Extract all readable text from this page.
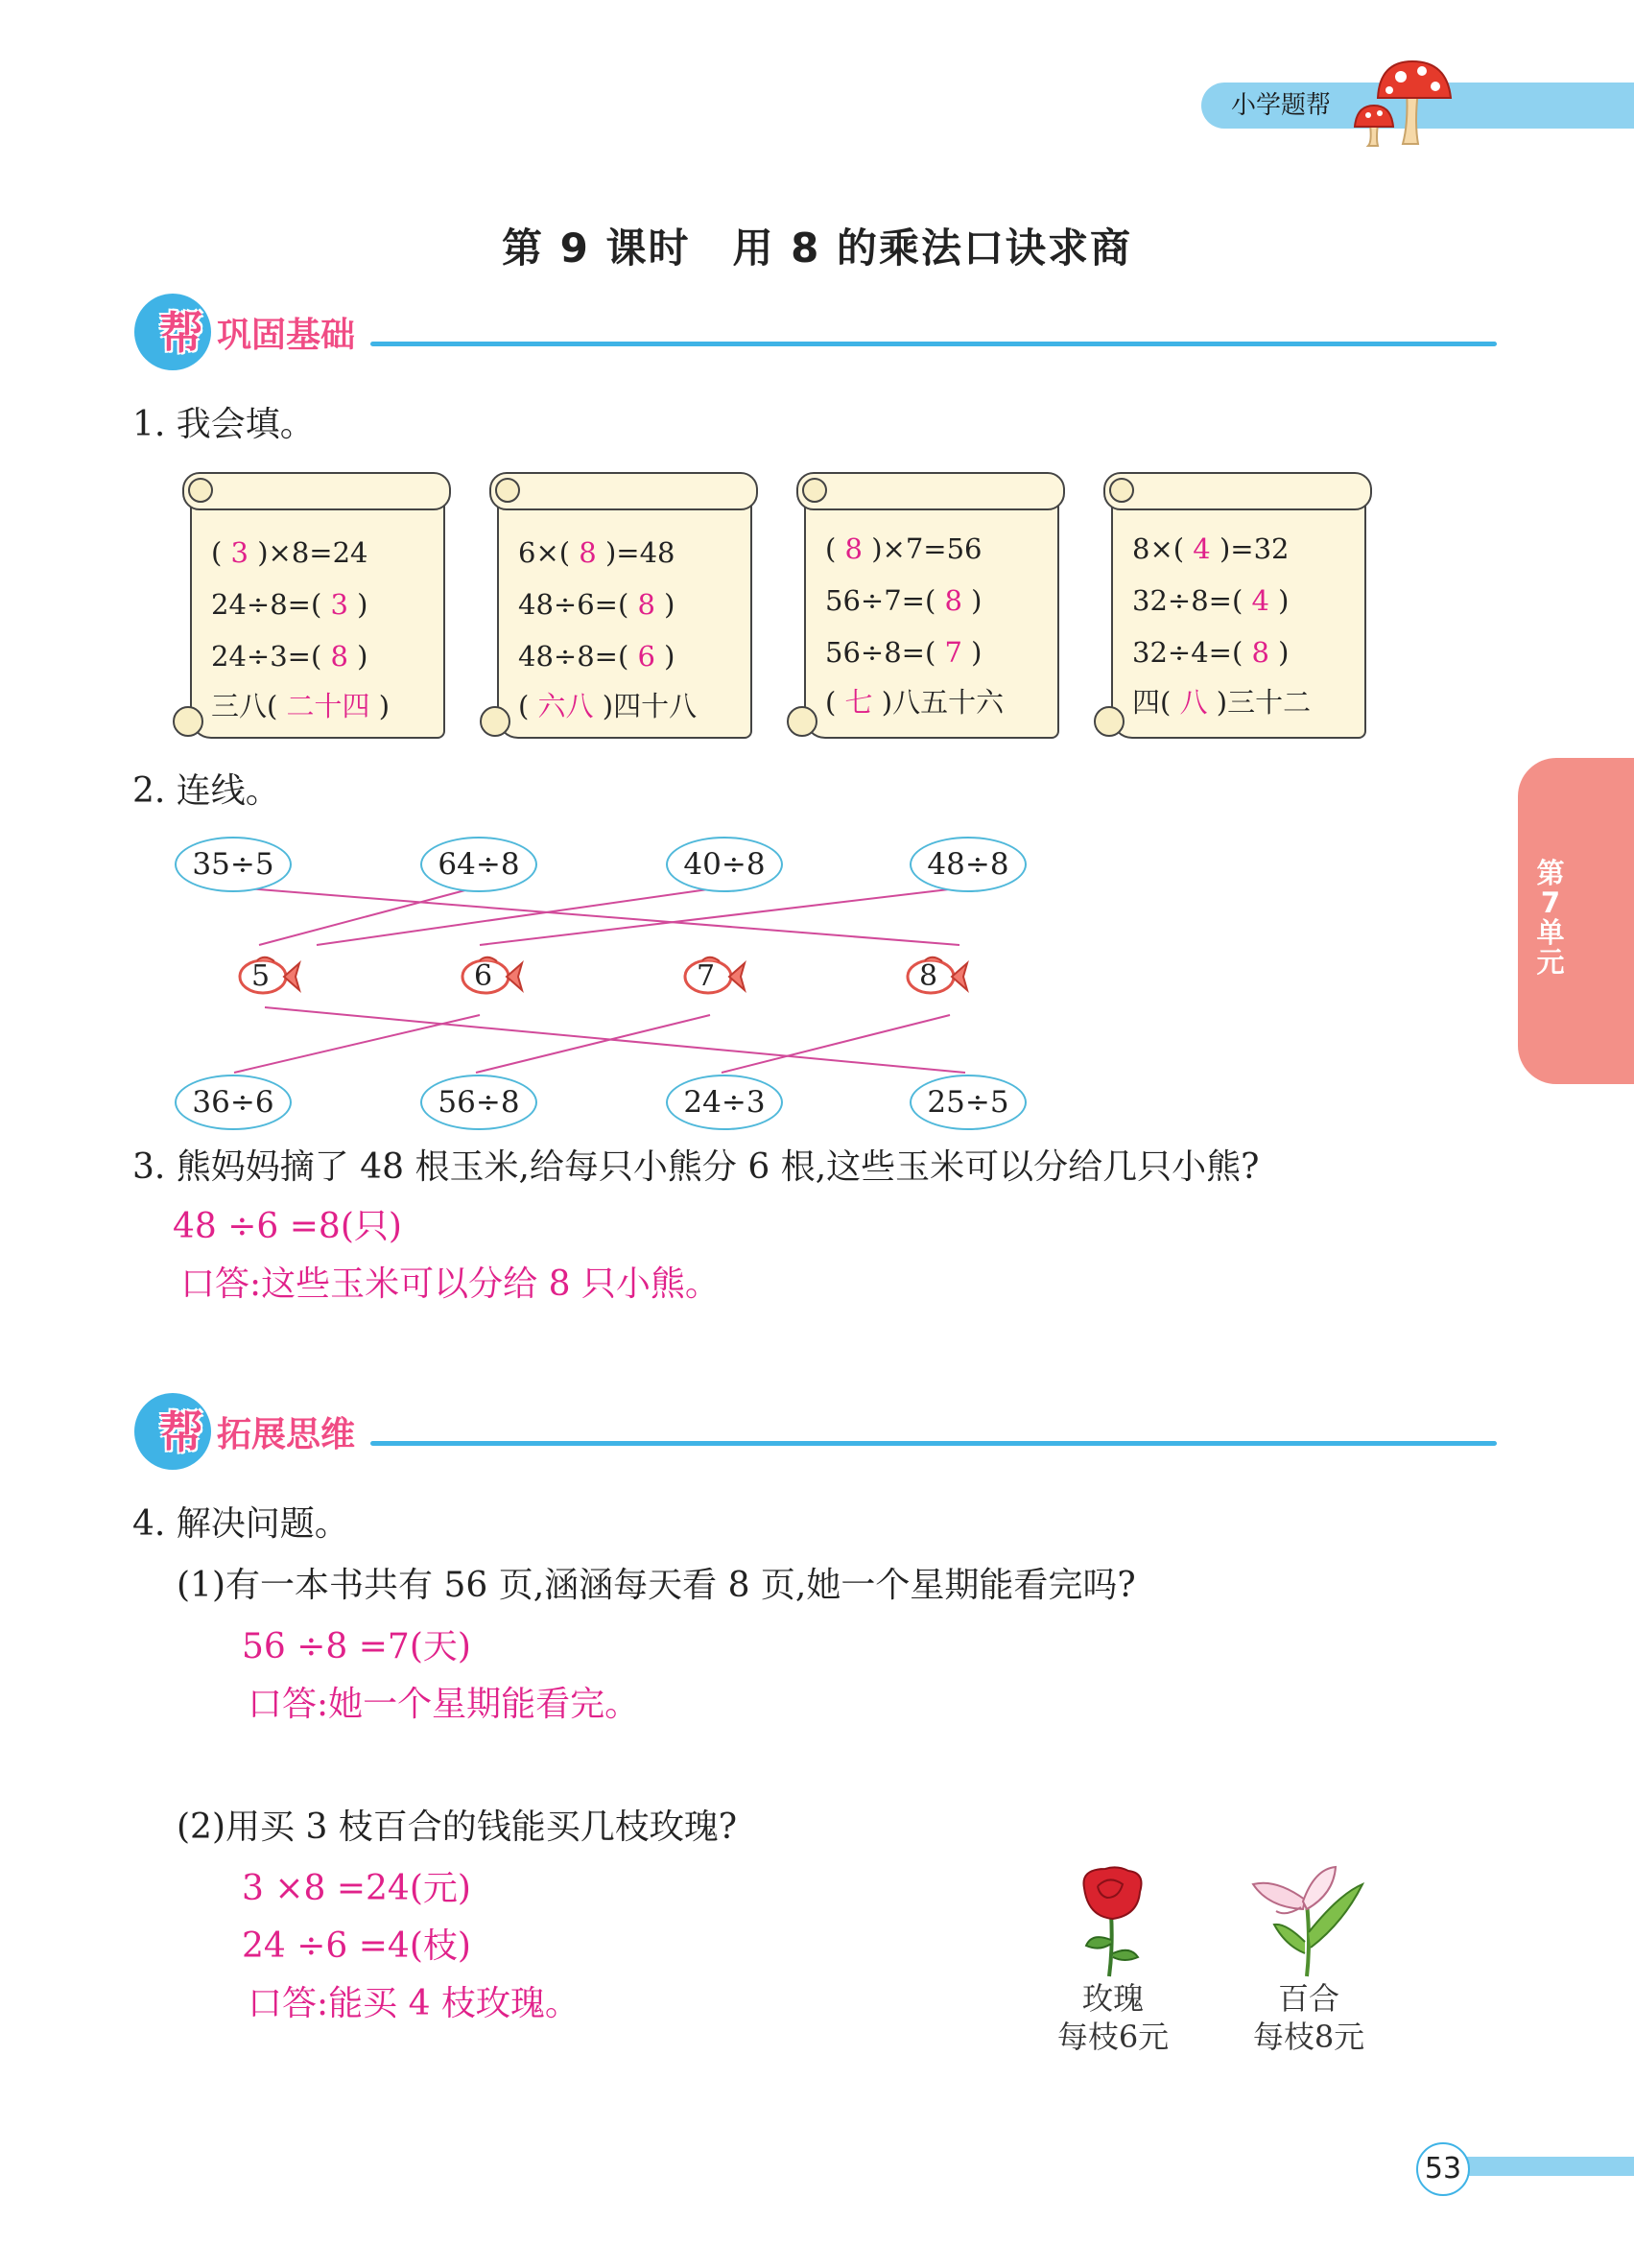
小学题帮
第 9 课时　用 8 的乘法口诀求商
帮 巩固基础
1. 我会填。
( 3 )×8=24
24÷8=( 3 )
24÷3=( 8 )
三八( 二十四 )
6×( 8 )=48
48÷6=( 8 )
48÷8=( 6 )
( 六八 )四十八
( 8 )×7=56
56÷7=( 8 )
56÷8=( 7 )
( 七 )八五十六
8×( 4 )=32
32÷8=( 4 )
32÷4=( 8 )
四( 八 )三十二
2. 连线。
35÷5	64÷8	40÷8	48÷8
5	6	7	8
36÷6	56÷8	24÷3	25÷5
3. 熊妈妈摘了 48 根玉米,给每只小熊分 6 根,这些玉米可以分给几只小熊?
48 ÷6 =8(只)
口答:这些玉米可以分给 8 只小熊。
帮 拓展思维
4. 解决问题。
(1)有一本书共有 56 页,涵涵每天看 8 页,她一个星期能看完吗?
56 ÷8 =7(天)
口答:她一个星期能看完。
(2)用买 3 枝百合的钱能买几枝玫瑰?
3 ×8 =24(元)
24 ÷6 =4(枝)
口答:能买 4 枝玫瑰。	玫瑰
每枝6元
百合
每枝8元
第7单元
53
